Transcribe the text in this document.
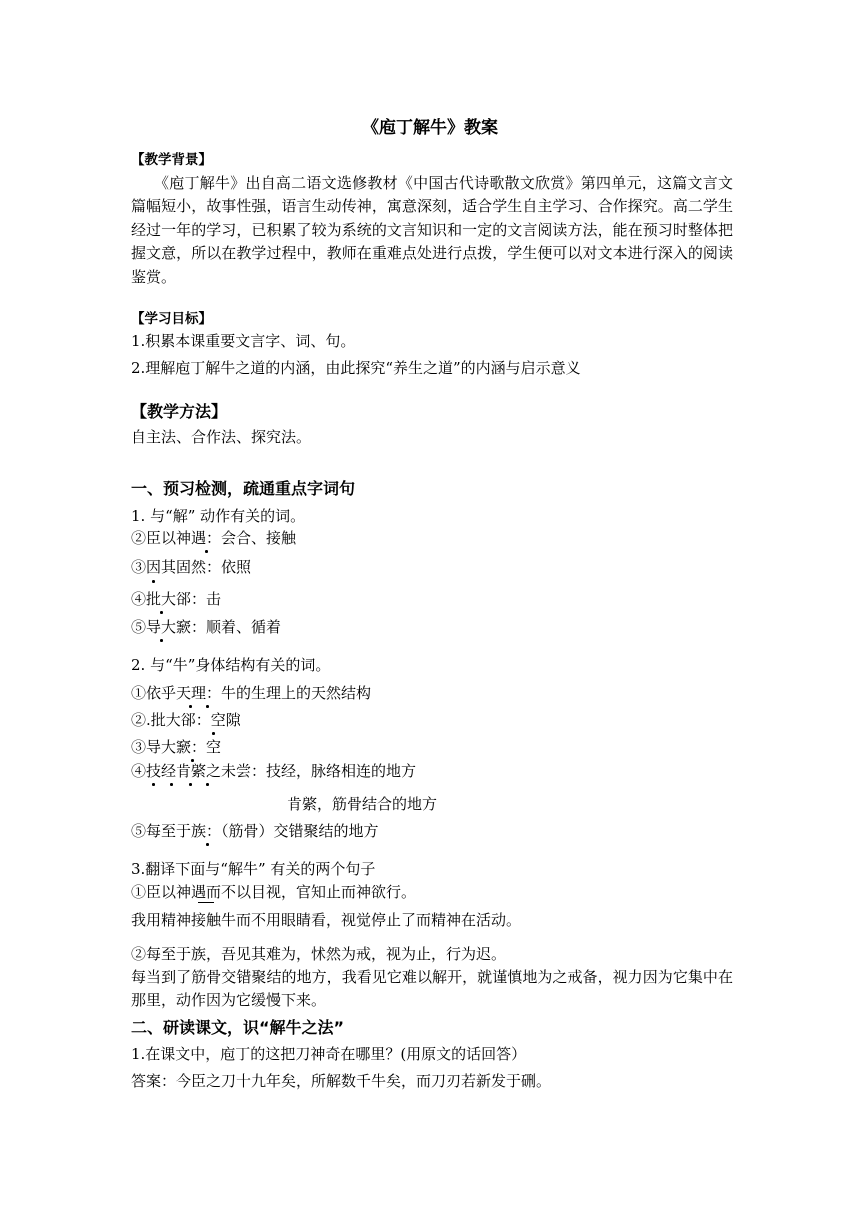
《庖丁解牛》教案
【教学背景】
　　《庖丁解牛》出自高二语文选修教材《中国古代诗歌散文欣赏》第四单元，这篇文言文篇幅短小，故事性强，语言生动传神，寓意深刻，适合学生自主学习、合作探究。高二学生经过一年的学习，已积累了较为系统的文言知识和一定的文言阅读方法，能在预习时整体把握文意，所以在教学过程中，教师在重难点处进行点拨，学生便可以对文本进行深入的阅读鉴赏。
【学习目标】
1.积累本课重要文言字、词、句。
2.理解庖丁解牛之道的内涵，由此探究“养生之道”的内涵与启示意义
【教学方法】
自主法、合作法、探究法。
一、预习检测，疏通重点字词句
1. 与“解” 动作有关的词。
②臣以神遇：会合、接触
③因其固然：依照
④批大郤：击
⑤导大窾：顺着、循着
2. 与“牛”身体结构有关的词。
①依乎天理：牛的生理上的天然结构
②.批大郤：空隙
③导大窾：空
④技经肯綮之未尝：技经，脉络相连的地方
肯綮，筋骨结合的地方
⑤每至于族：（筋骨）交错聚结的地方
3.翻译下面与“解牛” 有关的两个句子
①臣以神遇而不以目视，官知止而神欲行。
我用精神接触牛而不用眼睛看，视觉停止了而精神在活动。
②每至于族，吾见其难为，怵然为戒，视为止，行为迟。
每当到了筋骨交错聚结的地方，我看见它难以解开，就谨慎地为之戒备，视力因为它集中在那里，动作因为它缓慢下来。
二、研读课文，识“解牛之法”
1.在课文中，庖丁的这把刀神奇在哪里？(用原文的话回答）
答案：今臣之刀十九年矣，所解数千牛矣，而刀刃若新发于硎。
